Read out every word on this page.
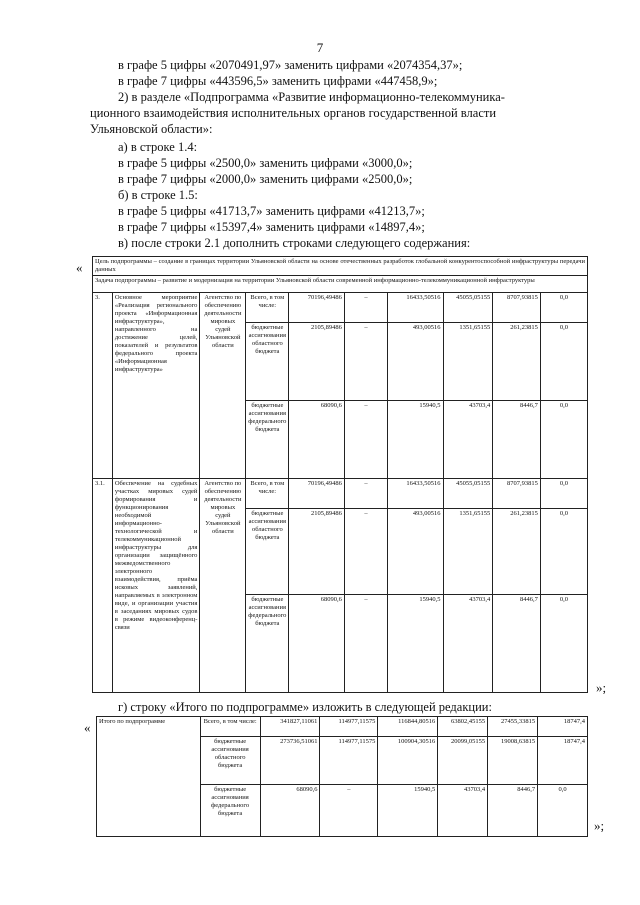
7
в графе 5 цифры «2070491,97» заменить цифрами «2074354,37»;
в графе 7 цифры «443596,5» заменить цифрами «447458,9»;
2) в разделе «Подпрограмма «Развитие информационно-телекоммуника-
ционного взаимодействия исполнительных органов государственной власти
Ульяновской области»:
а) в строке 1.4:
в графе 5 цифры «2500,0» заменить цифрами «3000,0»;
в графе 7 цифры «2000,0» заменить цифрами «2500,0»;
б) в строке 1.5:
в графе 5 цифры «41713,7» заменить цифрами «41213,7»;
в графе 7 цифры «15397,4» заменить цифрами «14897,4»;
в) после строки 2.1 дополнить строками следующего содержания:
« Цель подпрограммы – создание в границах территории Ульяновской области на основе отечественных разработок глобальной конкурентоспособной инфраструктуры передачи данных									
Задача подпрограммы – развитие и модернизация на территории Ульяновской области современной информационно-телекоммуникационной инфраструктуры									
3.	Основное мероприятие «Реализация регионального проекта «Информационная инфраструктура», направленного на достижение целей, показателей и результатов федерального проекта «Информационная инфраструктура»	Агентство по обеспечению деятельности мировых судей Ульяновской области	Всего, в том числе:	70196,49486	–	16433,50516	45055,05155	8707,93815	0,0
			бюджетные ассигнования областного бюджета	2105,89486	–	493,00516	1351,65155	261,23815	0,0
			бюджетные ассигнования федерального бюджета	68090,6	–	15940,5	43703,4	8446,7	0,0
3.1.	Обеспечение на судебных участках мировых судей формирования и функционирования необходимой информационно-технологической и телекоммуникационной инфраструктуры для организации защищённого межведомственного электронного взаимодействия, приёма исковых заявлений, направляемых в электронном виде, и организации участия в заседаниях мировых судов в режиме видеоконференц-связи	Агентство по обеспечению деятельности мировых судей Ульяновской области	Всего, в том числе:	70196,49486	–	16433,50516	45055,05155	8707,93815	0,0
			бюджетные ассигнования областного бюджета	2105,89486	–	493,00516	1351,65155	261,23815	0,0
			бюджетные ассигнования федерального бюджета	68090,6	–	15940,5	43703,4	8446,7	0,0
»;
г) строку «Итого по подпрограмме» изложить в следующей редакции:
« Итого по подпрограмме	Всего, в том числе:	341827,11061	114977,11575	116844,80516	63802,45155	27455,33815	18747,4
	бюджетные ассигнования областного бюджета	273736,51061	114977,11575	100904,30516	20099,05155	19008,63815	18747,4
	бюджетные ассигнования федерального бюджета	68090,6	–	15940,5	43703,4	8446,7	0,0
»;
